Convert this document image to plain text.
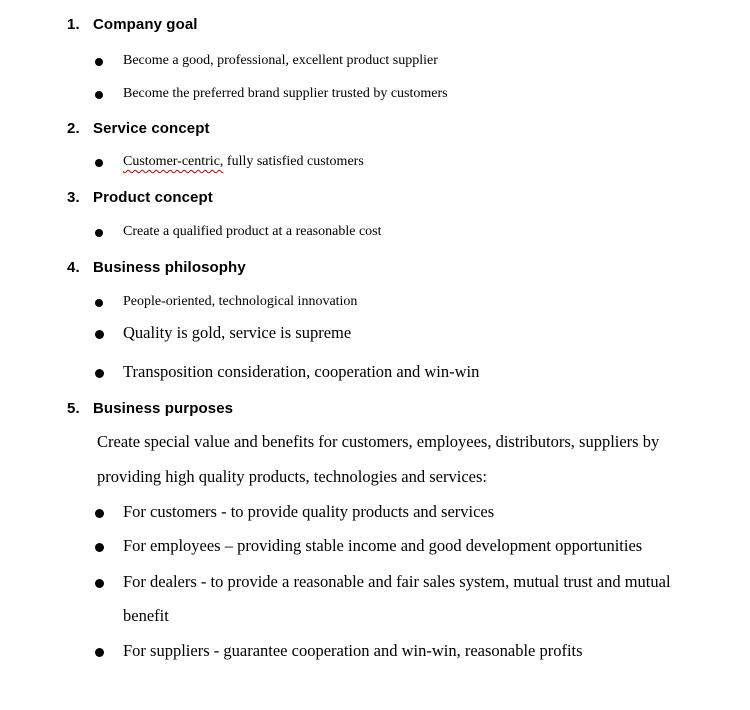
1. Company goal
Become a good, professional, excellent product supplier
Become the preferred brand supplier trusted by customers
2. Service concept
Customer-centric, fully satisfied customers
3. Product concept
Create a qualified product at a reasonable cost
4. Business philosophy
People-oriented, technological innovation
Quality is gold, service is supreme
Transposition consideration, cooperation and win-win
5. Business purposes
Create special value and benefits for customers, employees, distributors, suppliers by
providing high quality products, technologies and services:
For customers - to provide quality products and services
For employees – providing stable income and good development opportunities
For dealers - to provide a reasonable and fair sales system, mutual trust and mutual
benefit
For suppliers - guarantee cooperation and win-win, reasonable profits
